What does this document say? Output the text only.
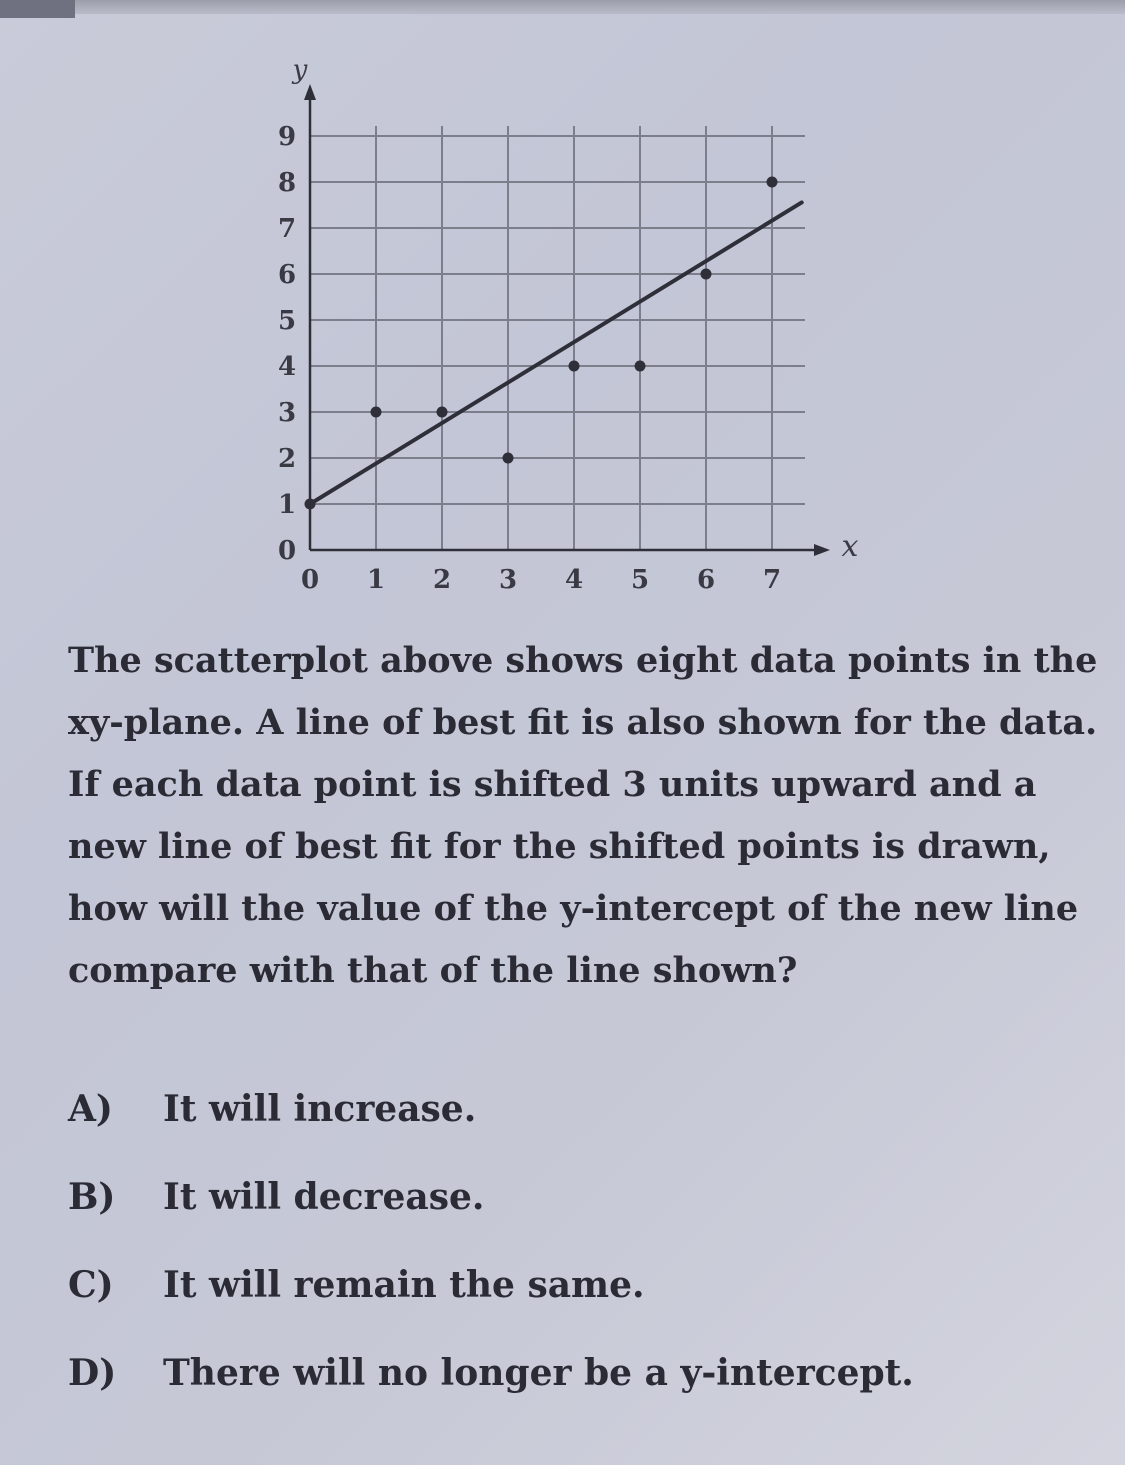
0 1 2 3 4 5 6 7
0
1
2
3
4
5
6
7
8
9
x
y

The scatterplot above shows eight data points in the xy-plane. A line of best fit is also shown for the data. If each data point is shifted 3 units upward and a new line of best fit for the shifted points is drawn, how will the value of the y-intercept of the new line compare with that of the line shown?

A)	It will increase.
B)	It will decrease.
C)	It will remain the same.
D)	There will no longer be a y-intercept.
